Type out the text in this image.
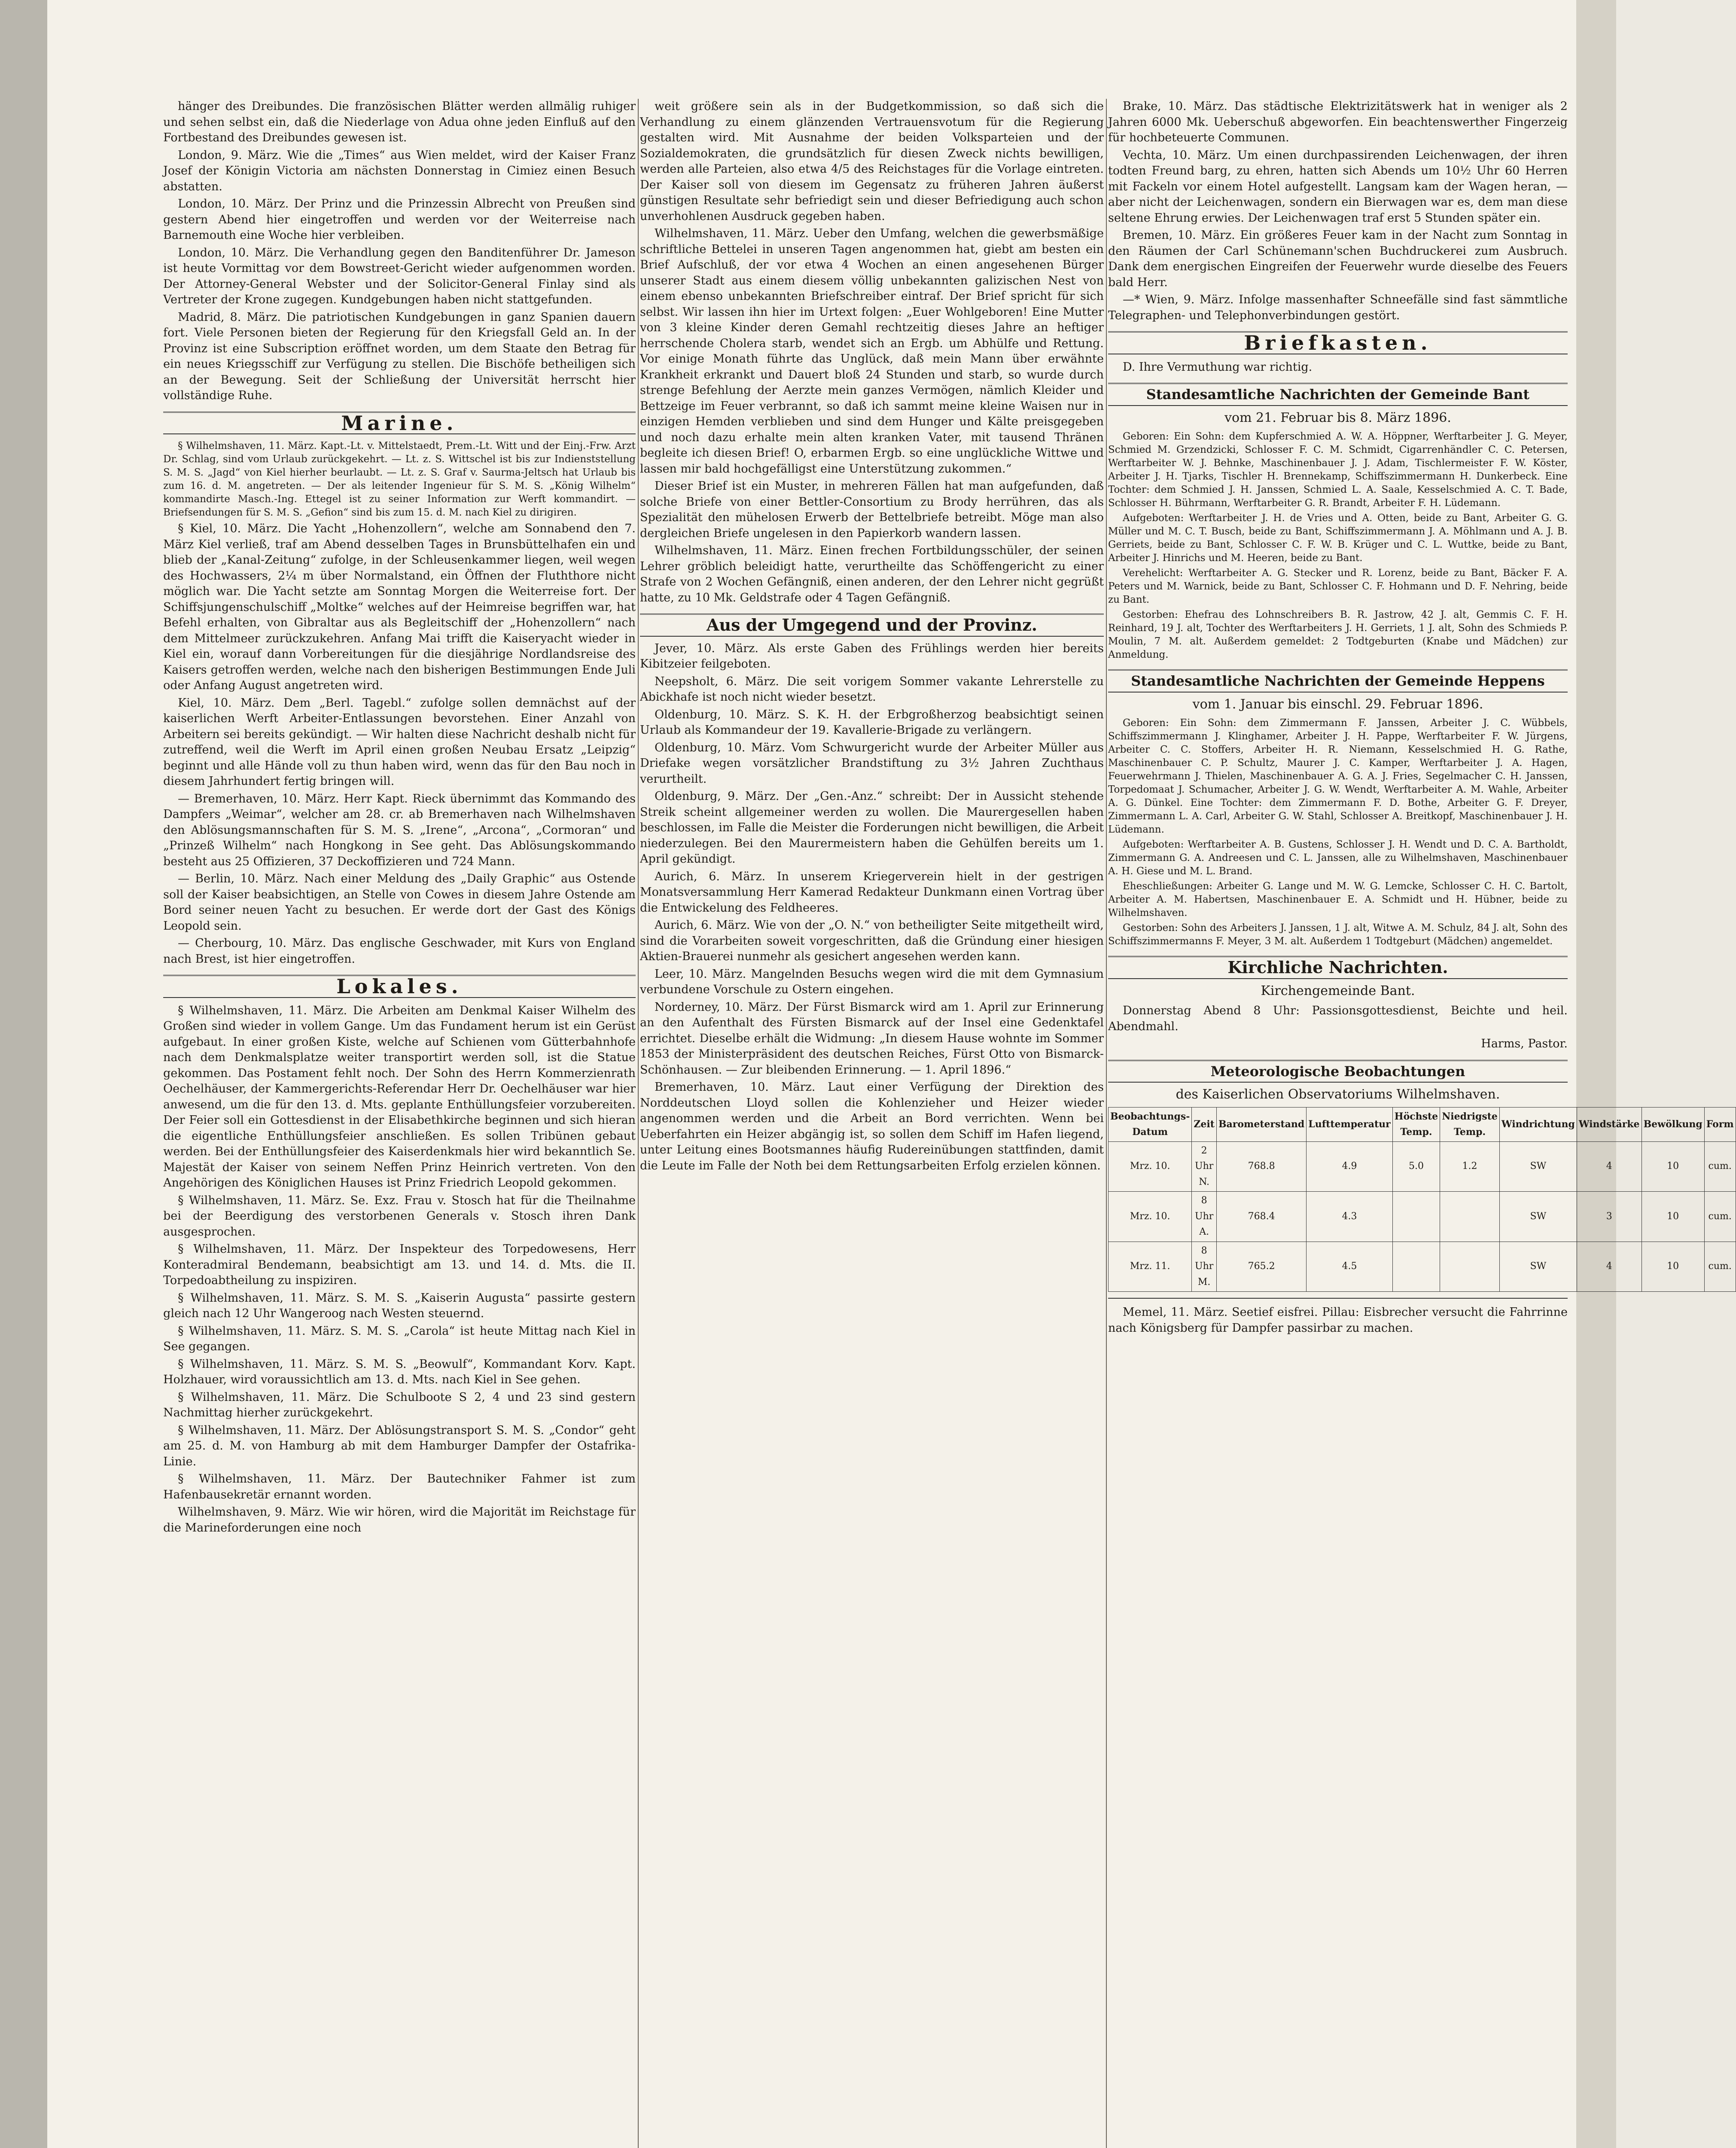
hänger des Dreibundes. Die französischen Blätter werden allmälig ruhiger und sehen selbst ein, daß die Niederlage von Adua ohne jeden Einfluß auf den Fortbestand des Dreibundes gewesen ist.

London, 9. März. Wie die „Times“ aus Wien meldet, wird der Kaiser Franz Josef der Königin Victoria am nächsten Donnerstag in Cimiez einen Besuch abstatten.

London, 10. März. Der Prinz und die Prinzessin Albrecht von Preußen sind gestern Abend hier eingetroffen und werden vor der Weiterreise nach Barnemouth eine Woche hier verbleiben.

London, 10. März. Die Verhandlung gegen den Banditenführer Dr. Jameson ist heute Vormittag vor dem Bowstreet-Gericht wieder aufgenommen worden. Der Attorney-General Webster und der Solicitor-General Finlay sind als Vertreter der Krone zugegen. Kundgebungen haben nicht stattgefunden.

Madrid, 8. März. Die patriotischen Kundgebungen in ganz Spanien dauern fort. Viele Personen bieten der Regierung für den Kriegsfall Geld an. In der Provinz ist eine Subscription eröffnet worden, um dem Staate den Betrag für ein neues Kriegsschiff zur Verfügung zu stellen. Die Bischöfe betheiligen sich an der Bewegung. Seit der Schließung der Universität herrscht hier vollständige Ruhe.

Marine.

§ Wilhelmshaven, 11. März. Kapt.-Lt. v. Mittelstaedt, Prem.-Lt. Witt und der Einj.-Frw. Arzt Dr. Schlag, sind vom Urlaub zurückgekehrt. — Lt. z. S. Wittschel ist bis zur Indienststellung S. M. S. „Jagd“ von Kiel hierher beurlaubt. — Lt. z. S. Graf v. Saurma-Jeltsch hat Urlaub bis zum 16. d. M. angetreten. — Der als leitender Ingenieur für S. M. S. „König Wilhelm“ kommandirte Masch.-Ing. Ettegel ist zu seiner Information zur Werft kommandirt. — Briefsendungen für S. M. S. „Gefion“ sind bis zum 15. d. M. nach Kiel zu dirigiren.

§ Kiel, 10. März. Die Yacht „Hohenzollern“, welche am Sonnabend den 7. März Kiel verließ, traf am Abend desselben Tages in Brunsbüttelhafen ein und blieb der „Kanal-Zeitung“ zufolge, in der Schleusenkammer liegen, weil wegen des Hochwassers, 2¼ m über Normalstand, ein Öffnen der Fluththore nicht möglich war. Die Yacht setzte am Sonntag Morgen die Weiterreise fort. Der Schiffsjungenschulschiff „Moltke“ welches auf der Heimreise begriffen war, hat Befehl erhalten, von Gibraltar aus als Begleitschiff der „Hohenzollern“ nach dem Mittelmeer zurückzukehren. Anfang Mai trifft die Kaiseryacht wieder in Kiel ein, worauf dann Vorbereitungen für die diesjährige Nordlandsreise des Kaisers getroffen werden, welche nach den bisherigen Bestimmungen Ende Juli oder Anfang August angetreten wird.

Kiel, 10. März. Dem „Berl. Tagebl.“ zufolge sollen demnächst auf der kaiserlichen Werft Arbeiter-Entlassungen bevorstehen. Einer Anzahl von Arbeitern sei bereits gekündigt. — Wir halten diese Nachricht deshalb nicht für zutreffend, weil die Werft im April einen großen Neubau Ersatz „Leipzig“ beginnt und alle Hände voll zu thun haben wird, wenn das für den Bau noch in diesem Jahrhundert fertig bringen will.

— Bremerhaven, 10. März. Herr Kapt. Rieck übernimmt das Kommando des Dampfers „Weimar“, welcher am 28. cr. ab Bremerhaven nach Wilhelmshaven den Ablösungsmannschaften für S. M. S. „Irene“, „Arcona“, „Cormoran“ und „Prinzeß Wilhelm“ nach Hongkong in See geht. Das Ablösungskommando besteht aus 25 Offizieren, 37 Deckoffizieren und 724 Mann.

— Berlin, 10. März. Nach einer Meldung des „Daily Graphic“ aus Ostende soll der Kaiser beabsichtigen, an Stelle von Cowes in diesem Jahre Ostende am Bord seiner neuen Yacht zu besuchen. Er werde dort der Gast des Königs Leopold sein.

— Cherbourg, 10. März. Das englische Geschwader, mit Kurs von England nach Brest, ist hier eingetroffen.

Lokales.

§ Wilhelmshaven, 11. März. Die Arbeiten am Denkmal Kaiser Wilhelm des Großen sind wieder in vollem Gange. Um das Fundament herum ist ein Gerüst aufgebaut. In einer großen Kiste, welche auf Schienen vom Gütterbahnhofe nach dem Denkmalsplatze weiter transportirt werden soll, ist die Statue gekommen. Das Postament fehlt noch. Der Sohn des Herrn Kommerzienrath Oechelhäuser, der Kammergerichts-Referendar Herr Dr. Oechelhäuser war hier anwesend, um die für den 13. d. Mts. geplante Enthüllungsfeier vorzubereiten. Der Feier soll ein Gottesdienst in der Elisabethkirche beginnen und sich hieran die eigentliche Enthüllungsfeier anschließen. Es sollen Tribünen gebaut werden. Bei der Enthüllungsfeier des Kaiserdenkmals hier wird bekanntlich Se. Majestät der Kaiser von seinem Neffen Prinz Heinrich vertreten. Von den Angehörigen des Königlichen Hauses ist Prinz Friedrich Leopold gekommen.

§ Wilhelmshaven, 11. März. Se. Exz. Frau v. Stosch hat für die Theilnahme bei der Beerdigung des verstorbenen Generals v. Stosch ihren Dank ausgesprochen.

§ Wilhelmshaven, 11. März. Der Inspekteur des Torpedowesens, Herr Konteradmiral Bendemann, beabsichtigt am 13. und 14. d. Mts. die II. Torpedoabtheilung zu inspiziren.

§ Wilhelmshaven, 11. März. S. M. S. „Kaiserin Augusta“ passirte gestern gleich nach 12 Uhr Wangeroog nach Westen steuernd.

§ Wilhelmshaven, 11. März. S. M. S. „Carola“ ist heute Mittag nach Kiel in See gegangen.

§ Wilhelmshaven, 11. März. S. M. S. „Beowulf“, Kommandant Korv. Kapt. Holzhauer, wird voraussichtlich am 13. d. Mts. nach Kiel in See gehen.

§ Wilhelmshaven, 11. März. Die Schulboote S 2, 4 und 23 sind gestern Nachmittag hierher zurückgekehrt.

§ Wilhelmshaven, 11. März. Der Ablösungstransport S. M. S. „Condor“ geht am 25. d. M. von Hamburg ab mit dem Hamburger Dampfer der Ostafrika-Linie.

§ Wilhelmshaven, 11. März. Der Bautechniker Fahmer ist zum Hafenbausekretär ernannt worden.

Wilhelmshaven, 9. März. Wie wir hören, wird die Majorität im Reichstage für die Marineforderungen eine noch

weit größere sein als in der Budgetkommission, so daß sich die Verhandlung zu einem glänzenden Vertrauensvotum für die Regierung gestalten wird. Mit Ausnahme der beiden Volksparteien und der Sozialdemokraten, die grundsätzlich für diesen Zweck nichts bewilligen, werden alle Parteien, also etwa 4/5 des Reichstages für die Vorlage eintreten. Der Kaiser soll von diesem im Gegensatz zu früheren Jahren äußerst günstigen Resultate sehr befriedigt sein und dieser Befriedigung auch schon unverhohlenen Ausdruck gegeben haben.

Wilhelmshaven, 11. März. Ueber den Umfang, welchen die gewerbsmäßige schriftliche Bettelei in unseren Tagen angenommen hat, giebt am besten ein Brief Aufschluß, der vor etwa 4 Wochen an einen angesehenen Bürger unserer Stadt aus einem diesem völlig unbekannten galizischen Nest von einem ebenso unbekannten Briefschreiber eintraf. Der Brief spricht für sich selbst. Wir lassen ihn hier im Urtext folgen: „Euer Wohlgeboren! Eine Mutter von 3 kleine Kinder deren Gemahl rechtzeitig dieses Jahre an heftiger herrschende Cholera starb, wendet sich an Ergb. um Abhülfe und Rettung. Vor einige Monath führte das Unglück, daß mein Mann über erwähnte Krankheit erkrankt und Dauert bloß 24 Stunden und starb, so wurde durch strenge Befehlung der Aerzte mein ganzes Vermögen, nämlich Kleider und Bettzeige im Feuer verbrannt, so daß ich sammt meine kleine Waisen nur in einzigen Hemden verblieben und sind dem Hunger und Kälte preisgegeben und noch dazu erhalte mein alten kranken Vater, mit tausend Thränen begleite ich diesen Brief! O, erbarmen Ergb. so eine unglückliche Wittwe und lassen mir bald hochgefälligst eine Unterstützung zukommen.“

Dieser Brief ist ein Muster, in mehreren Fällen hat man aufgefunden, daß solche Briefe von einer Bettler-Consortium zu Brody herrühren, das als Spezialität den mühelosen Erwerb der Bettelbriefe betreibt. Möge man also dergleichen Briefe ungelesen in den Papierkorb wandern lassen.

Wilhelmshaven, 11. März. Einen frechen Fortbildungsschüler, der seinen Lehrer gröblich beleidigt hatte, verurtheilte das Schöffengericht zu einer Strafe von 2 Wochen Gefängniß, einen anderen, der den Lehrer nicht gegrüßt hatte, zu 10 Mk. Geldstrafe oder 4 Tagen Gefängniß.

Aus der Umgegend und der Provinz.

Jever, 10. März. Als erste Gaben des Frühlings werden hier bereits Kibitzeier feilgeboten.

Neepsholt, 6. März. Die seit vorigem Sommer vakante Lehrerstelle zu Abickhafe ist noch nicht wieder besetzt.

Oldenburg, 10. März. S. K. H. der Erbgroßherzog beabsichtigt seinen Urlaub als Kommandeur der 19. Kavallerie-Brigade zu verlängern.

Oldenburg, 10. März. Vom Schwurgericht wurde der Arbeiter Müller aus Driefake wegen vorsätzlicher Brandstiftung zu 3½ Jahren Zuchthaus verurtheilt.

Oldenburg, 9. März. Der „Gen.-Anz.“ schreibt: Der in Aussicht stehende Streik scheint allgemeiner werden zu wollen. Die Maurergesellen haben beschlossen, im Falle die Meister die Forderungen nicht bewilligen, die Arbeit niederzulegen. Bei den Maurermeistern haben die Gehülfen bereits um 1. April gekündigt.

Aurich, 6. März. In unserem Kriegerverein hielt in der gestrigen Monatsversammlung Herr Kamerad Redakteur Dunkmann einen Vortrag über die Entwickelung des Feldheeres.

Aurich, 6. März. Wie von der „O. N.“ von betheiligter Seite mitgetheilt wird, sind die Vorarbeiten soweit vorgeschritten, daß die Gründung einer hiesigen Aktien-Brauerei nunmehr als gesichert angesehen werden kann.

Leer, 10. März. Mangelnden Besuchs wegen wird die mit dem Gymnasium verbundene Vorschule zu Ostern eingehen.

Norderney, 10. März. Der Fürst Bismarck wird am 1. April zur Erinnerung an den Aufenthalt des Fürsten Bismarck auf der Insel eine Gedenktafel errichtet. Dieselbe erhält die Widmung: „In diesem Hause wohnte im Sommer 1853 der Ministerpräsident des deutschen Reiches, Fürst Otto von Bismarck-Schönhausen. — Zur bleibenden Erinnerung. — 1. April 1896.“

Bremerhaven, 10. März. Laut einer Verfügung der Direktion des Norddeutschen Lloyd sollen die Kohlenzieher und Heizer wieder angenommen werden und die Arbeit an Bord verrichten. Wenn bei Ueberfahrten ein Heizer abgängig ist, so sollen dem Schiff im Hafen liegend, unter Leitung eines Bootsmannes häufig Rudereinübungen stattfinden, damit die Leute im Falle der Noth bei dem Rettungsarbeiten Erfolg erzielen können.

Brake, 10. März. Das städtische Elektrizitätswerk hat in weniger als 2 Jahren 6000 Mk. Ueberschuß abgeworfen. Ein beachtenswerther Fingerzeig für hochbeteuerte Communen.

Vechta, 10. März. Um einen durchpassirenden Leichenwagen, der ihren todten Freund barg, zu ehren, hatten sich Abends um 10½ Uhr 60 Herren mit Fackeln vor einem Hotel aufgestellt. Langsam kam der Wagen heran, — aber nicht der Leichenwagen, sondern ein Bierwagen war es, dem man diese seltene Ehrung erwies. Der Leichenwagen traf erst 5 Stunden später ein.

Bremen, 10. März. Ein größeres Feuer kam in der Nacht zum Sonntag in den Räumen der Carl Schünemann'schen Buchdruckerei zum Ausbruch. Dank dem energischen Eingreifen der Feuerwehr wurde dieselbe des Feuers bald Herr.

—* Wien, 9. März. Infolge massenhafter Schneefälle sind fast sämmtliche Telegraphen- und Telephonverbindungen gestört.

Briefkasten.

D. Ihre Vermuthung war richtig.

Standesamtliche Nachrichten der Gemeinde Bant
vom 21. Februar bis 8. März 1896.

Geboren: Ein Sohn: dem Kupferschmied A. W. A. Höppner, Werftarbeiter J. G. Meyer, Schmied M. Grzendzicki, Schlosser F. C. M. Schmidt, Cigarrenhändler C. C. Petersen, Werftarbeiter W. J. Behnke, Maschinenbauer J. J. Adam, Tischlermeister F. W. Köster, Arbeiter J. H. Tjarks, Tischler H. Brennekamp, Schiffszimmermann H. Dunkerbeck. Eine Tochter: dem Schmied J. H. Janssen, Schmied L. A. Saale, Kesselschmied A. C. T. Bade, Schlosser H. Bührmann, Werftarbeiter G. R. Brandt, Arbeiter F. H. Lüdemann.

Aufgeboten: Werftarbeiter J. H. de Vries und A. Otten, beide zu Bant, Arbeiter G. G. Müller und M. C. T. Busch, beide zu Bant, Schiffszimmermann J. A. Möhlmann und A. J. B. Gerriets, beide zu Bant, Schlosser C. F. W. B. Krüger und C. L. Wuttke, beide zu Bant, Arbeiter J. Hinrichs und M. Heeren, beide zu Bant.

Verehelicht: Werftarbeiter A. G. Stecker und R. Lorenz, beide zu Bant, Bäcker F. A. Peters und M. Warnick, beide zu Bant, Schlosser C. F. Hohmann und D. F. Nehring, beide zu Bant.

Gestorben: Ehefrau des Lohnschreibers B. R. Jastrow, 42 J. alt, Gemmis C. F. H. Reinhard, 19 J. alt, Tochter des Werftarbeiters J. H. Gerriets, 1 J. alt, Sohn des Schmieds P. Moulin, 7 M. alt. Außerdem gemeldet: 2 Todtgeburten (Knabe und Mädchen) zur Anmeldung.

Standesamtliche Nachrichten der Gemeinde Heppens
vom 1. Januar bis einschl. 29. Februar 1896.

Geboren: Ein Sohn: dem Zimmermann F. Janssen, Arbeiter J. C. Wübbels, Schiffszimmermann J. Klinghamer, Arbeiter J. H. Pappe, Werftarbeiter F. W. Jürgens, Arbeiter C. C. Stoffers, Arbeiter H. R. Niemann, Kesselschmied H. G. Rathe, Maschinenbauer C. P. Schultz, Maurer J. C. Kamper, Werftarbeiter J. A. Hagen, Feuerwehrmann J. Thielen, Maschinenbauer A. G. A. J. Fries, Segelmacher C. H. Janssen, Torpedomaat J. Schumacher, Arbeiter J. G. W. Wendt, Werftarbeiter A. M. Wahle, Arbeiter A. G. Dünkel. Eine Tochter: dem Zimmermann F. D. Bothe, Arbeiter G. F. Dreyer, Zimmermann L. A. Carl, Arbeiter G. W. Stahl, Schlosser A. Breitkopf, Maschinenbauer J. H. Lüdemann.

Aufgeboten: Werftarbeiter A. B. Gustens, Schlosser J. H. Wendt und D. C. A. Bartholdt, Zimmermann G. A. Andreesen und C. L. Janssen, alle zu Wilhelmshaven, Maschinenbauer A. H. Giese und M. L. Brand.

Eheschließungen: Arbeiter G. Lange und M. W. G. Lemcke, Schlosser C. H. C. Bartolt, Arbeiter A. M. Habertsen, Maschinenbauer E. A. Schmidt und H. Hübner, beide zu Wilhelmshaven.

Gestorben: Sohn des Arbeiters J. Janssen, 1 J. alt, Witwe A. M. Schulz, 84 J. alt, Sohn des Schiffszimmermanns F. Meyer, 3 M. alt. Außerdem 1 Todtgeburt (Mädchen) angemeldet.

Kirchliche Nachrichten.
Kirchengemeinde Bant.

Donnerstag Abend 8 Uhr: Passionsgottesdienst, Beichte und heil. Abendmahl.

Harms, Pastor.

Meteorologische Beobachtungen
des Kaiserlichen Observatoriums Wilhelmshaven.
Beobachtungs-Datum	Zeit	Barometerstand	Lufttemperatur	Höchste Temp.	Niedrigste Temp.	Windrichtung	Windstärke	Bewölkung	Form
Mrz. 10.	2 Uhr N.	768.8	4.9	5.0	1.2	SW	4	10	cum.
Mrz. 10.	8 Uhr A.	768.4	4.3			SW	3	10	cum.
Mrz. 11.	8 Uhr M.	765.2	4.5			SW	4	10	cum.

Memel, 11. März. Seetief eisfrei. Pillau: Eisbrecher versucht die Fahrrinne nach Königsberg für Dampfer passirbar zu machen.
